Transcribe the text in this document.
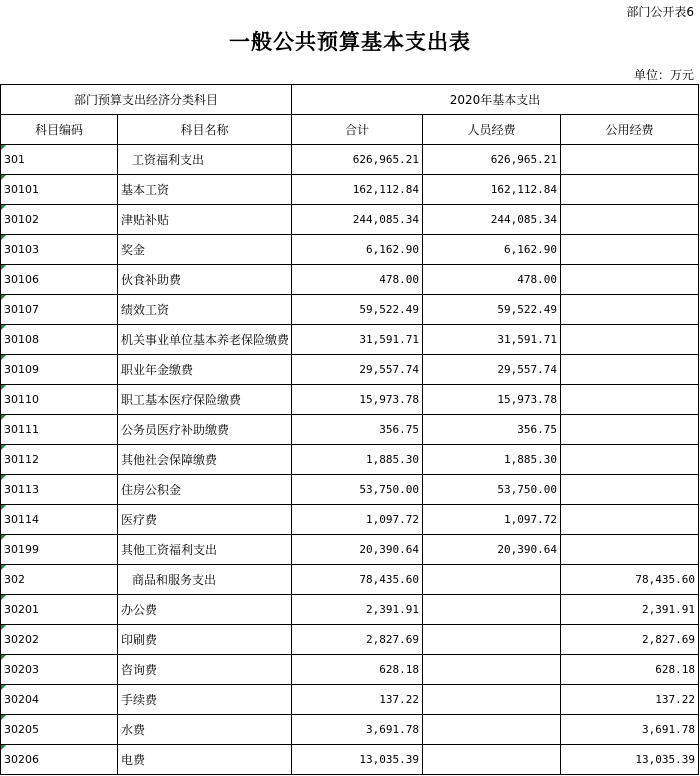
部门公开表6
一般公共预算基本支出表
单位：万元
部门预算支出经济分类科目		2020年基本支出		
科目编码	科目名称	合计	人员经费	公用经费
301	工资福利支出	626,965.21	626,965.21	
30101	基本工资	162,112.84	162,112.84	
30102	津贴补贴	244,085.34	244,085.34	
30103	奖金	6,162.90	6,162.90	
30106	伙食补助费	478.00	478.00	
30107	绩效工资	59,522.49	59,522.49	
30108	机关事业单位基本养老保险缴费	31,591.71	31,591.71	
30109	职业年金缴费	29,557.74	29,557.74	
30110	职工基本医疗保险缴费	15,973.78	15,973.78	
30111	公务员医疗补助缴费	356.75	356.75	
30112	其他社会保障缴费	1,885.30	1,885.30	
30113	住房公积金	53,750.00	53,750.00	
30114	医疗费	1,097.72	1,097.72	
30199	其他工资福利支出	20,390.64	20,390.64	
302	商品和服务支出	78,435.60		78,435.60
30201	办公费	2,391.91		2,391.91
30202	印刷费	2,827.69		2,827.69
30203	咨询费	628.18		628.18
30204	手续费	137.22		137.22
30205	水费	3,691.78		3,691.78
30206	电费	13,035.39		13,035.39
